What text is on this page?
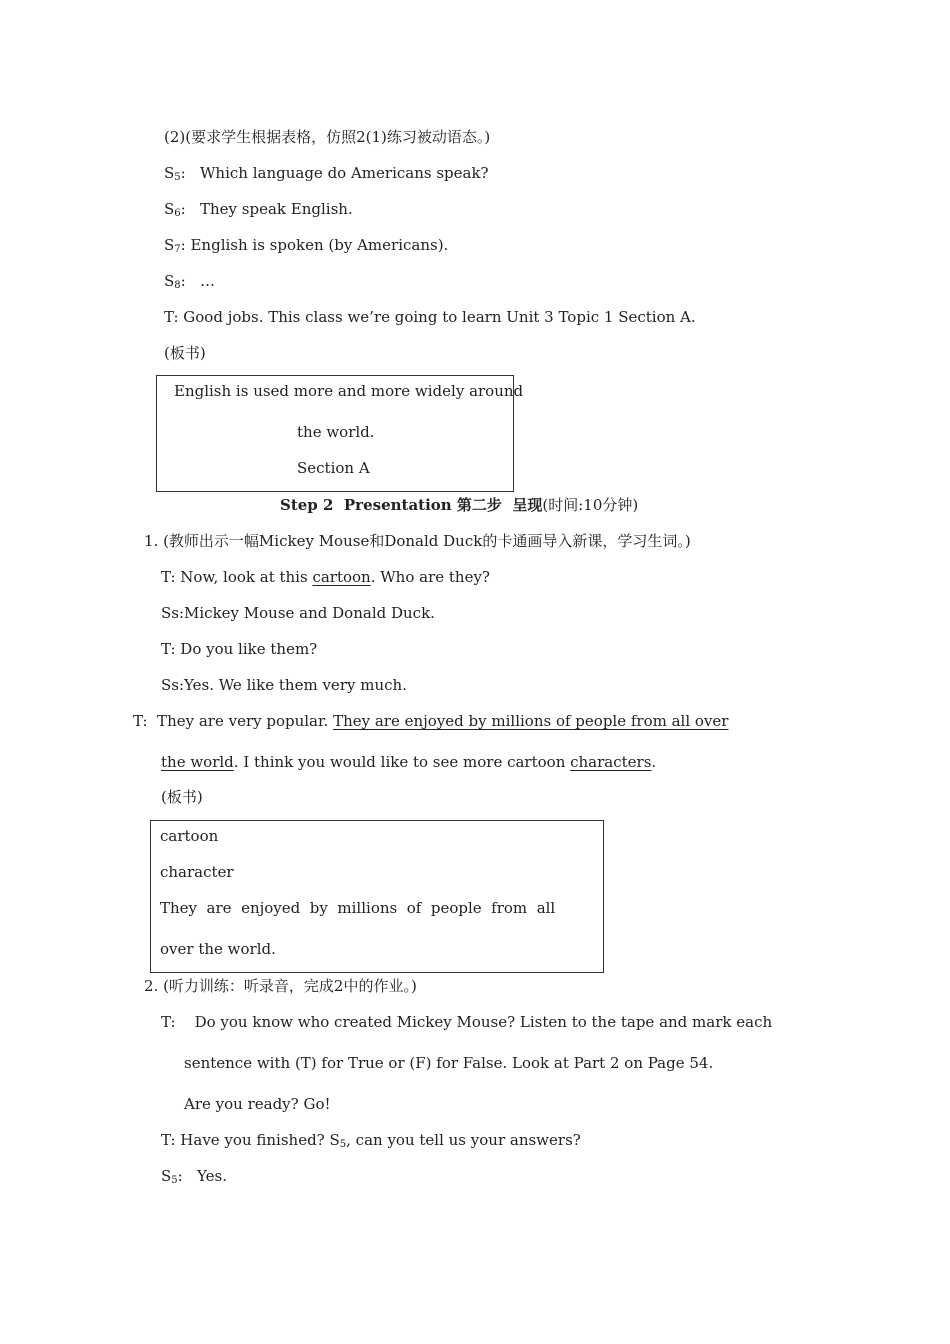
(2)(要求学生根据表格，仿照2(1)练习被动语态。)
$S_5$:   Which language do Americans speak?
$S_6$:   They speak English.
$S_7$: English is spoken (by Americans).
$S_8$:   …
T: Good jobs. This class we’re going to learn Unit 3 Topic 1 Section A.
(板书)
English is used more and more widely around
the world.
Section A
Step 2  Presentation 第二步  呈现(时间:10分钟)
1. (教师出示一幅Mickey Mouse和Donald Duck的卡通画导入新课，学习生词。)
T: Now, look at this cartoon. Who are they?
Ss:Mickey Mouse and Donald Duck.
T: Do you like them?
Ss:Yes. We like them very much.
T:  They are very popular. They are enjoyed by millions of people from all over
the world. I think you would like to see more cartoon characters.
(板书)
cartoon
character
They  are  enjoyed  by  millions  of  people  from  all
over the world.
2. (听力训练：听录音，完成2中的作业。)
T:    Do you know who created Mickey Mouse? Listen to the tape and mark each
sentence with (T) for True or (F) for False. Look at Part 2 on Page 54.
Are you ready? Go!
T: Have you finished? $S_5$, can you tell us your answers?
$S_5$:   Yes.
